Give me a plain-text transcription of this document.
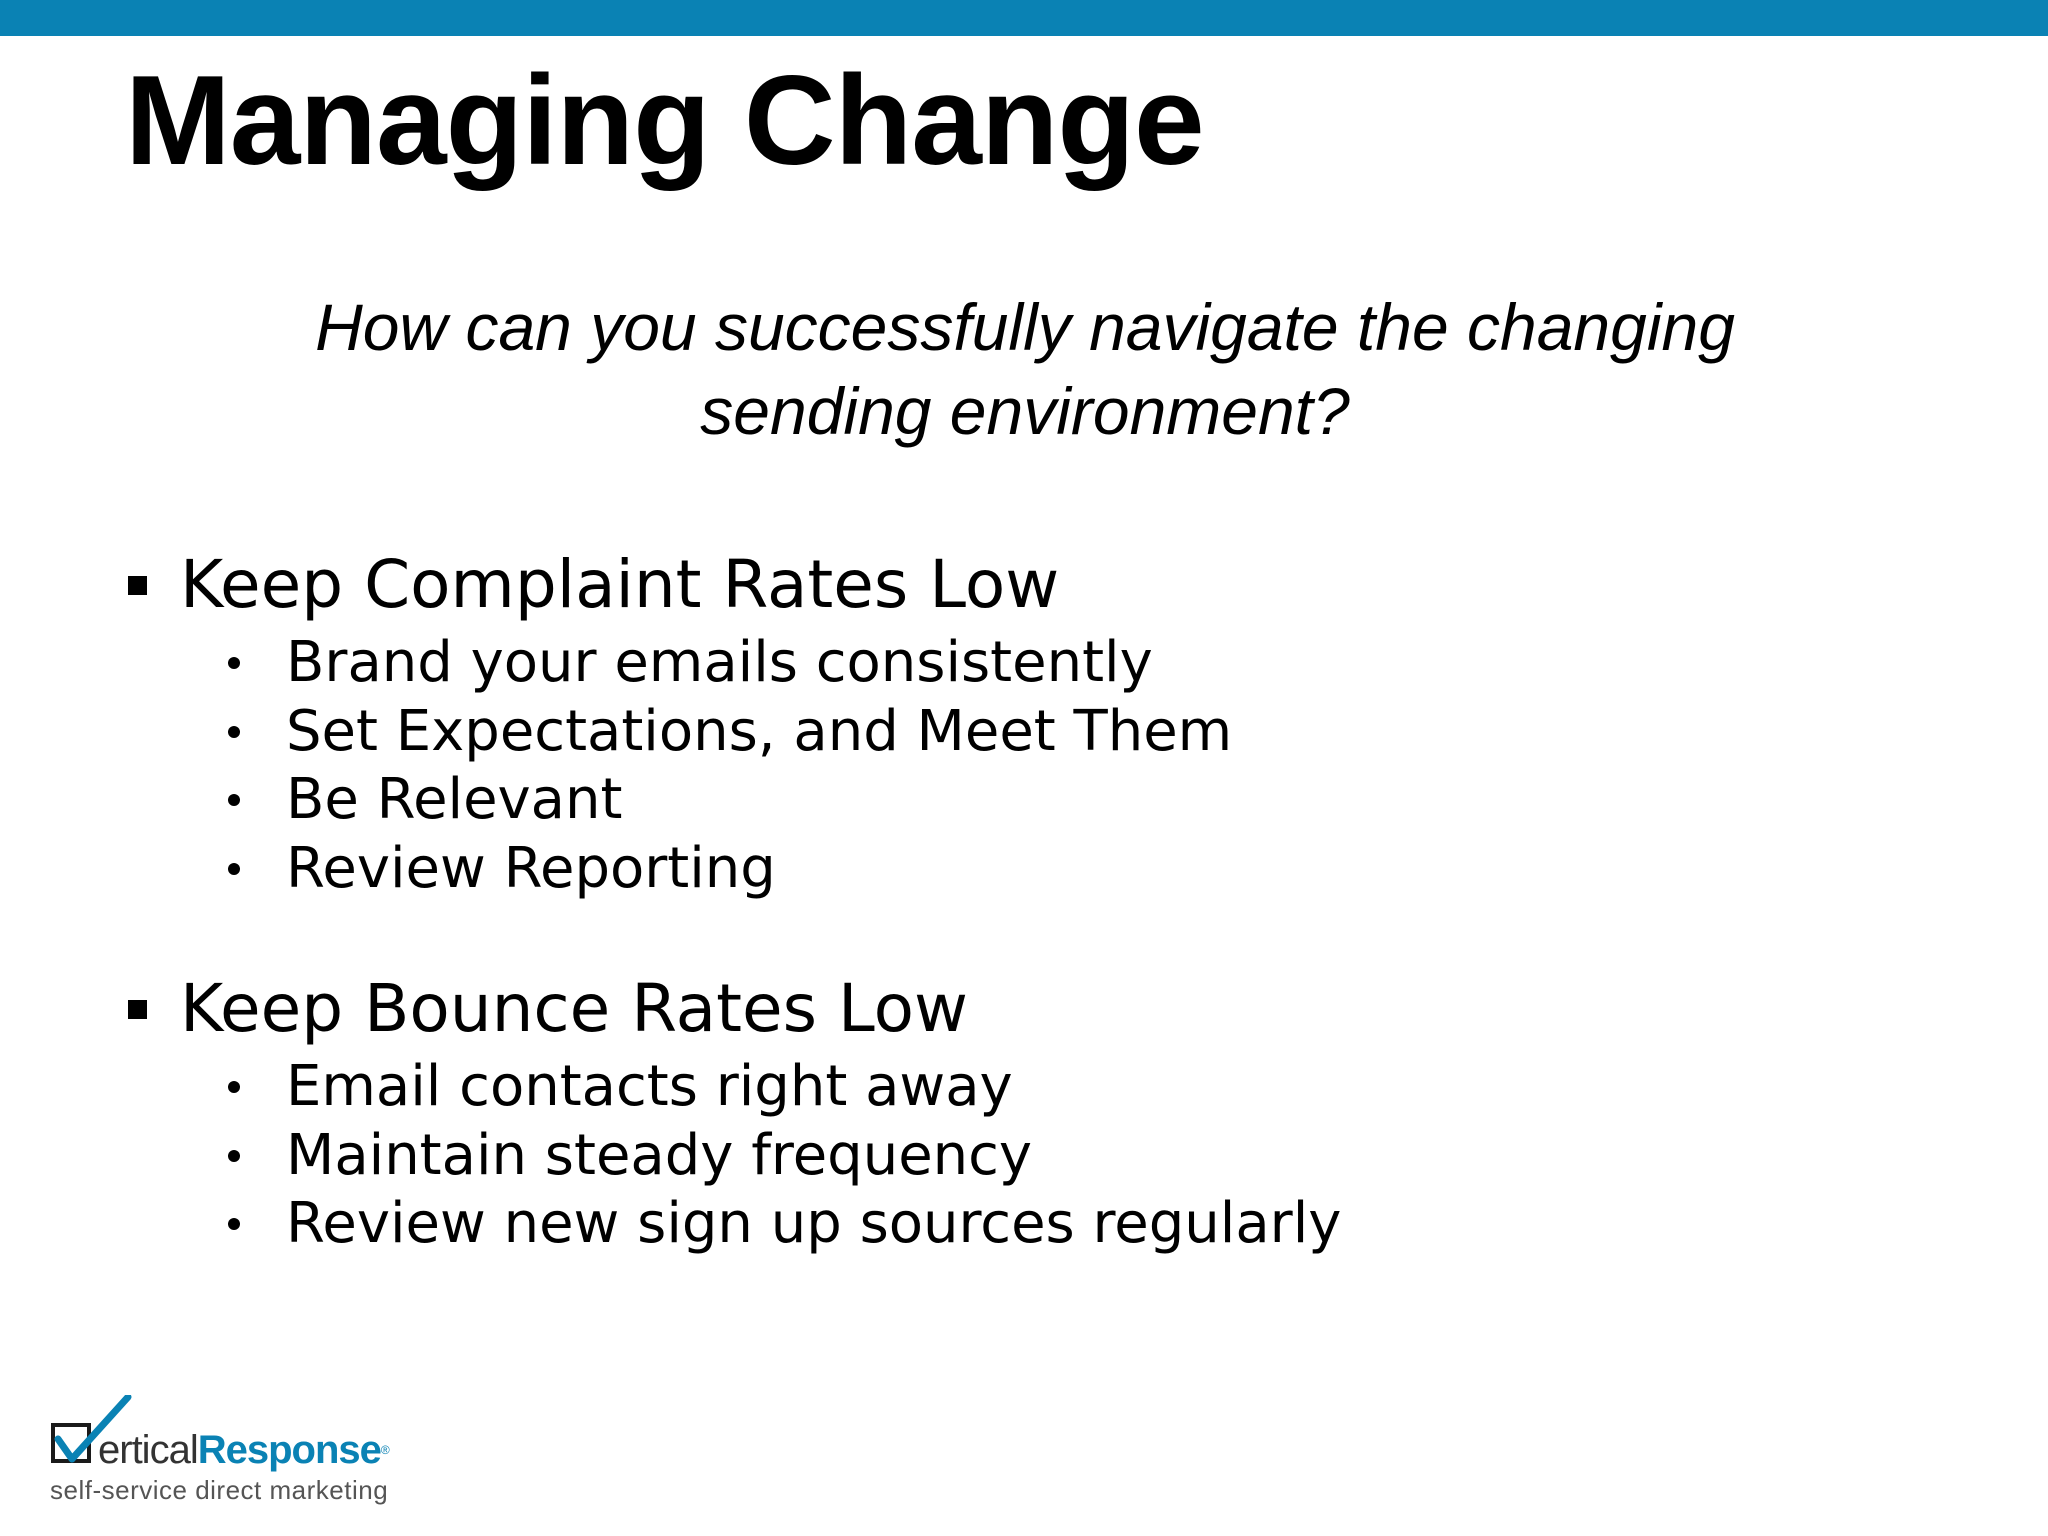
Managing Change

How can you successfully navigate the changing sending environment?

Keep Complaint Rates Low
Brand your emails consistently
Set Expectations, and Meet Them
Be Relevant
Review Reporting
Keep Bounce Rates Low
Email contacts right away
Maintain steady frequency
Review new sign up sources regularly
erticalResponse®
self-service direct marketing
